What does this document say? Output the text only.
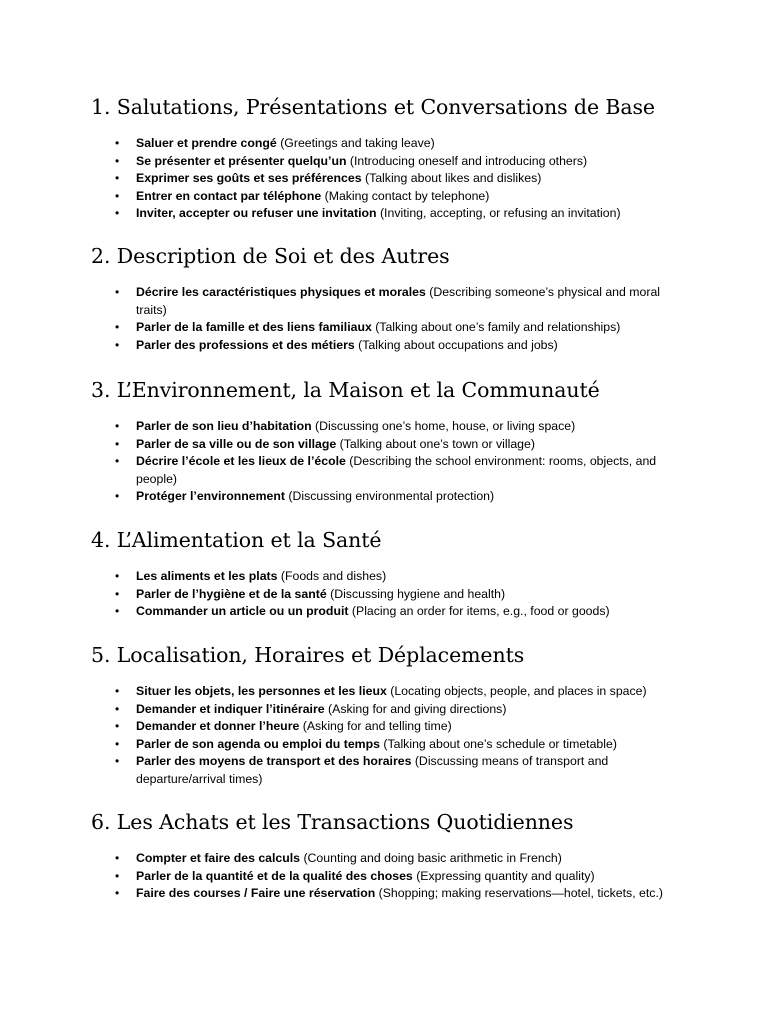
1. Salutations, Présentations et Conversations de Base
• Saluer et prendre congé (Greetings and taking leave)
• Se présenter et présenter quelqu’un (Introducing oneself and introducing others)
• Exprimer ses goûts et ses préférences (Talking about likes and dislikes)
• Entrer en contact par téléphone (Making contact by telephone)
• Inviter, accepter ou refuser une invitation (Inviting, accepting, or refusing an invitation)
2. Description de Soi et des Autres
• Décrire les caractéristiques physiques et morales (Describing someone’s physical and moral traits)
• Parler de la famille et des liens familiaux (Talking about one’s family and relationships)
• Parler des professions et des métiers (Talking about occupations and jobs)
3. L’Environnement, la Maison et la Communauté
• Parler de son lieu d’habitation (Discussing one’s home, house, or living space)
• Parler de sa ville ou de son village (Talking about one’s town or village)
• Décrire l’école et les lieux de l’école (Describing the school environment: rooms, objects, and people)
• Protéger l’environnement (Discussing environmental protection)
4. L’Alimentation et la Santé
• Les aliments et les plats (Foods and dishes)
• Parler de l’hygiène et de la santé (Discussing hygiene and health)
• Commander un article ou un produit (Placing an order for items, e.g., food or goods)
5. Localisation, Horaires et Déplacements
• Situer les objets, les personnes et les lieux (Locating objects, people, and places in space)
• Demander et indiquer l’itinéraire (Asking for and giving directions)
• Demander et donner l’heure (Asking for and telling time)
• Parler de son agenda ou emploi du temps (Talking about one’s schedule or timetable)
• Parler des moyens de transport et des horaires (Discussing means of transport and departure/arrival times)
6. Les Achats et les Transactions Quotidiennes
• Compter et faire des calculs (Counting and doing basic arithmetic in French)
• Parler de la quantité et de la qualité des choses (Expressing quantity and quality)
• Faire des courses / Faire une réservation (Shopping; making reservations—hotel, tickets, etc.)
